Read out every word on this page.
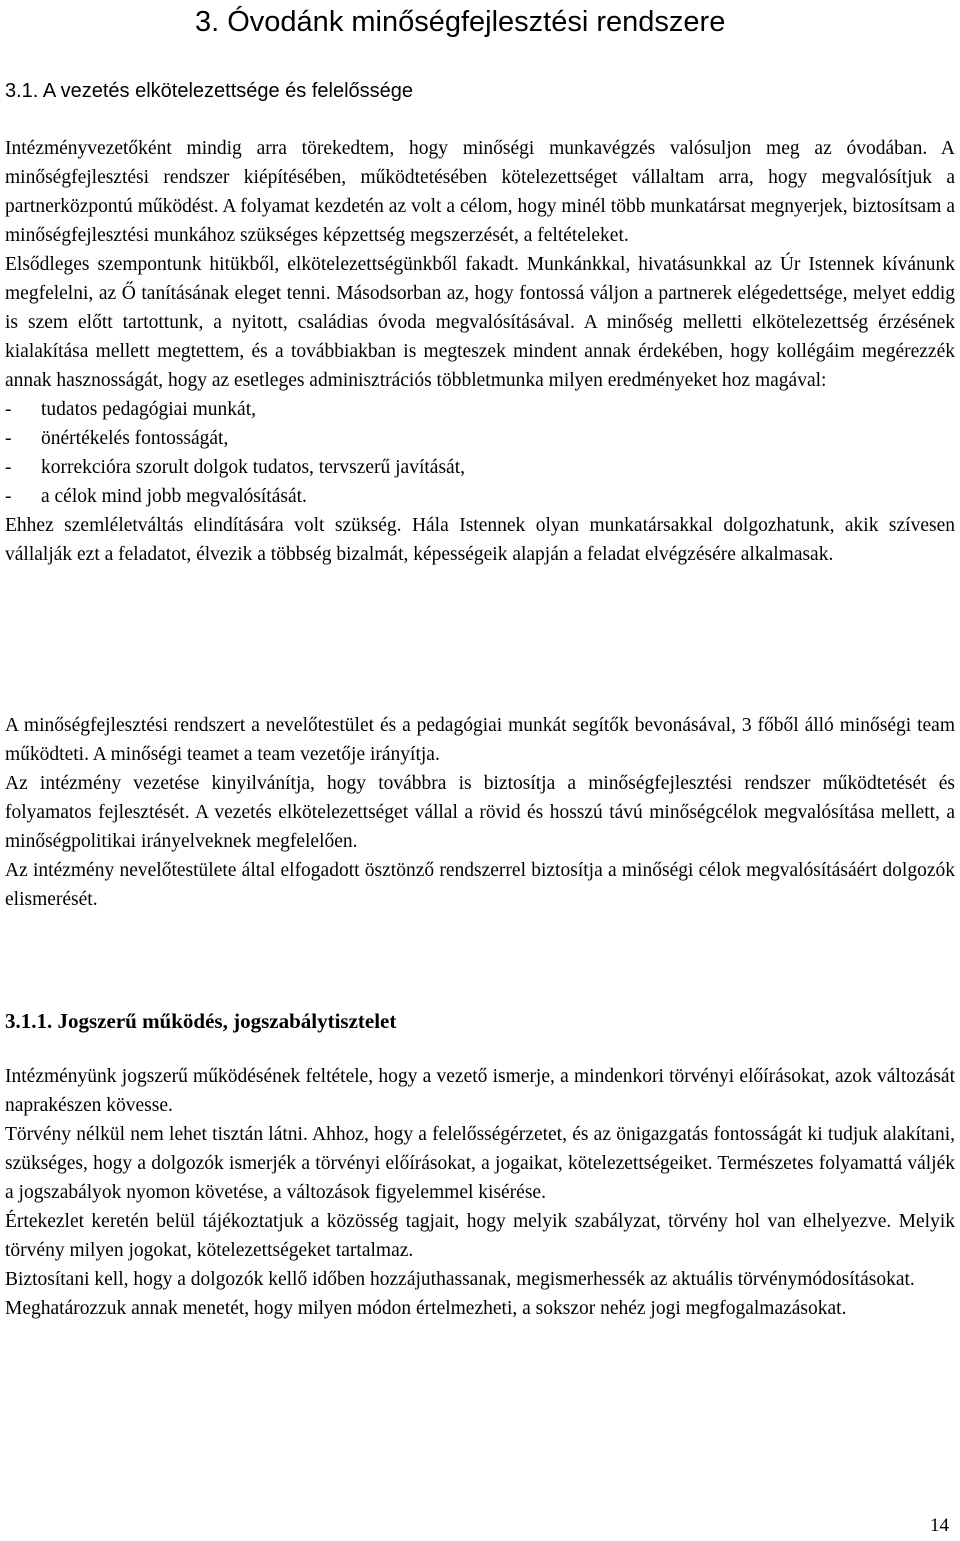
3. Óvodánk minőségfejlesztési rendszere
3.1. A vezetés elkötelezettsége és felelőssége

Intézményvezetőként mindig arra törekedtem, hogy minőségi munkavégzés valósuljon meg az óvodában. A minőségfejlesztési rendszer kiépítésében, működtetésében kötelezettséget vállaltam arra, hogy megvalósítjuk a partnerközpontú működést. A folyamat kezdetén az volt a célom, hogy minél több munkatársat megnyerjek, biztosítsam a minőségfejlesztési munkához szükséges képzettség megszerzését, a feltételeket.

Elsődleges szempontunk hitükből, elkötelezettségünkből fakadt. Munkánkkal, hivatásunkkal az Úr Istennek kívánunk megfelelni, az Ő tanításának eleget tenni. Másodsorban az, hogy fontossá váljon a partnerek elégedettsége, melyet eddig is szem előtt tartottunk, a nyitott, családias óvoda megvalósításával. A minőség melletti elkötelezettség érzésének kialakítása mellett megtettem, és a továbbiakban is megteszek mindent annak érdekében, hogy kollégáim megérezzék annak hasznosságát, hogy az esetleges adminisztrációs többletmunka milyen eredményeket hoz magával:

- tudatos pedagógiai munkát,
- önértékelés fontosságát,
- korrekcióra szorult dolgok tudatos, tervszerű javítását,
- a célok mind jobb megvalósítását.

Ehhez szemléletváltás elindítására volt szükség. Hála Istennek olyan munkatársakkal dolgozhatunk, akik szívesen vállalják ezt a feladatot, élvezik a többség bizalmát, képességeik alapján a feladat elvégzésére alkalmasak.

A minőségfejlesztési rendszert a nevelőtestület és a pedagógiai munkát segítők bevonásával, 3 főből álló minőségi team működteti. A minőségi teamet a team vezetője irányítja.

Az intézmény vezetése kinyilvánítja, hogy továbbra is biztosítja a minőségfejlesztési rendszer működtetését és folyamatos fejlesztését. A vezetés elkötelezettséget vállal a rövid és hosszú távú minőségcélok megvalósítása mellett, a minőségpolitikai irányelveknek megfelelően.

Az intézmény nevelőtestülete által elfogadott ösztönző rendszerrel biztosítja a minőségi célok megvalósításáért dolgozók elismerését.

3.1.1. Jogszerű működés, jogszabálytisztelet

Intézményünk jogszerű működésének feltétele, hogy a vezető ismerje, a mindenkori törvényi előírásokat, azok változását naprakészen kövesse.

Törvény nélkül nem lehet tisztán látni. Ahhoz, hogy a felelősségérzetet, és az önigazgatás fontosságát ki tudjuk alakítani, szükséges, hogy a dolgozók ismerjék a törvényi előírásokat, a jogaikat, kötelezettségeiket. Természetes folyamattá váljék a jogszabályok nyomon követése, a változások figyelemmel kisérése.

Értekezlet keretén belül tájékoztatjuk a közösség tagjait, hogy melyik szabályzat, törvény hol van elhelyezve. Melyik törvény milyen jogokat, kötelezettségeket tartalmaz.

Biztosítani kell, hogy a dolgozók kellő időben hozzájuthassanak, megismerhessék az aktuális törvénymódosításokat.

Meghatározzuk annak menetét, hogy milyen módon értelmezheti, a sokszor nehéz jogi megfogalmazásokat.

14
